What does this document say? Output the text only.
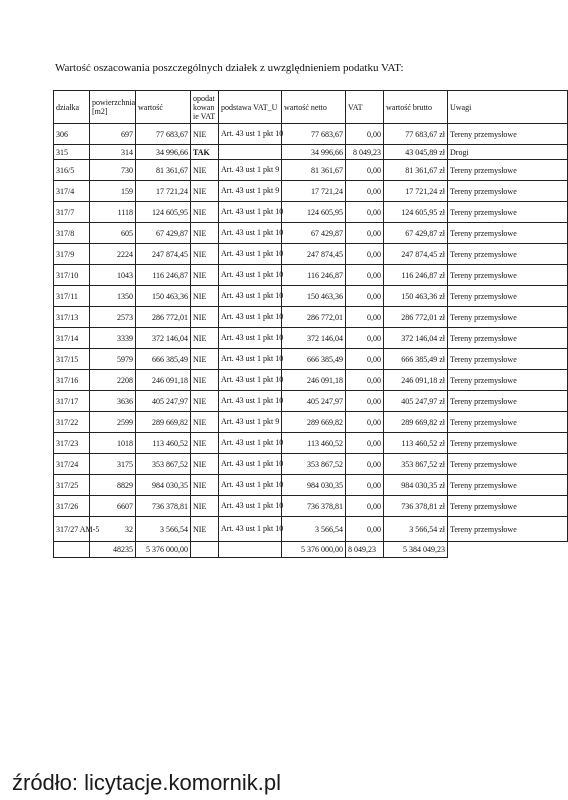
Wartość oszacowania poszczególnych działek z uwzględnieniem podatku VAT:
działka	powierzchnia [m2]	wartość	opodatkowanie VAT	podstawa VAT_U	wartość netto	VAT	wartość brutto	Uwagi
306	697	77 683,67	NIE	Art. 43 ust 1 pkt 10	77 683,67	0,00	77 683,67 zł	Tereny przemysłowe
315	314	34 996,66	TAK		34 996,66	8 049,23	43 045,89 zł	Drogi
316/5	730	81 361,67	NIE	Art. 43 ust 1 pkt 9	81 361,67	0,00	81 361,67 zł	Tereny przemysłowe
317/4	159	17 721,24	NIE	Art. 43 ust 1 pkt 9	17 721,24	0,00	17 721,24 zł	Tereny przemysłowe
317/7	1118	124 605,95	NIE	Art. 43 ust 1 pkt 10	124 605,95	0,00	124 605,95 zł	Tereny przemysłowe
317/8	605	67 429,87	NIE	Art. 43 ust 1 pkt 10	67 429,87	0,00	67 429,87 zł	Tereny przemysłowe
317/9	2224	247 874,45	NIE	Art. 43 ust 1 pkt 10	247 874,45	0,00	247 874,45 zł	Tereny przemysłowe
317/10	1043	116 246,87	NIE	Art. 43 ust 1 pkt 10	116 246,87	0,00	116 246,87 zł	Tereny przemysłowe
317/11	1350	150 463,36	NIE	Art. 43 ust 1 pkt 10	150 463,36	0,00	150 463,36 zł	Tereny przemysłowe
317/13	2573	286 772,01	NIE	Art. 43 ust 1 pkt 10	286 772,01	0,00	286 772,01 zł	Tereny przemysłowe
317/14	3339	372 146,04	NIE	Art. 43 ust 1 pkt 10	372 146,04	0,00	372 146,04 zł	Tereny przemysłowe
317/15	5979	666 385,49	NIE	Art. 43 ust 1 pkt 10	666 385,49	0,00	666 385,49 zł	Tereny przemysłowe
317/16	2208	246 091,18	NIE	Art. 43 ust 1 pkt 10	246 091,18	0,00	246 091,18 zł	Tereny przemysłowe
317/17	3636	405 247,97	NIE	Art. 43 ust 1 pkt 10	405 247,97	0,00	405 247,97 zł	Tereny przemysłowe
317/22	2599	289 669,82	NIE	Art. 43 ust 1 pkt 9	289 669,82	0,00	289 669,82 zł	Tereny przemysłowe
317/23	1018	113 460,52	NIE	Art. 43 ust 1 pkt 10	113 460,52	0,00	113 460,52 zł	Tereny przemysłowe
317/24	3175	353 867,52	NIE	Art. 43 ust 1 pkt 10	353 867,52	0,00	353 867,52 zł	Tereny przemysłowe
317/25	8829	984 030,35	NIE	Art. 43 ust 1 pkt 10	984 030,35	0,00	984 030,35 zł	Tereny przemysłowe
317/26	6607	736 378,81	NIE	Art. 43 ust 1 pkt 10	736 378,81	0,00	736 378,81 zł	Tereny przemysłowe
317/27 AM-5	32	3 566,54	NIE	Art. 43 ust 1 pkt 10	3 566,54	0,00	3 566,54 zł	Tereny przemysłowe
	48235	5 376 000,00			5 376 000,00	8 049,23	5 384 049,23	
źródło: licytacje.komornik.pl
